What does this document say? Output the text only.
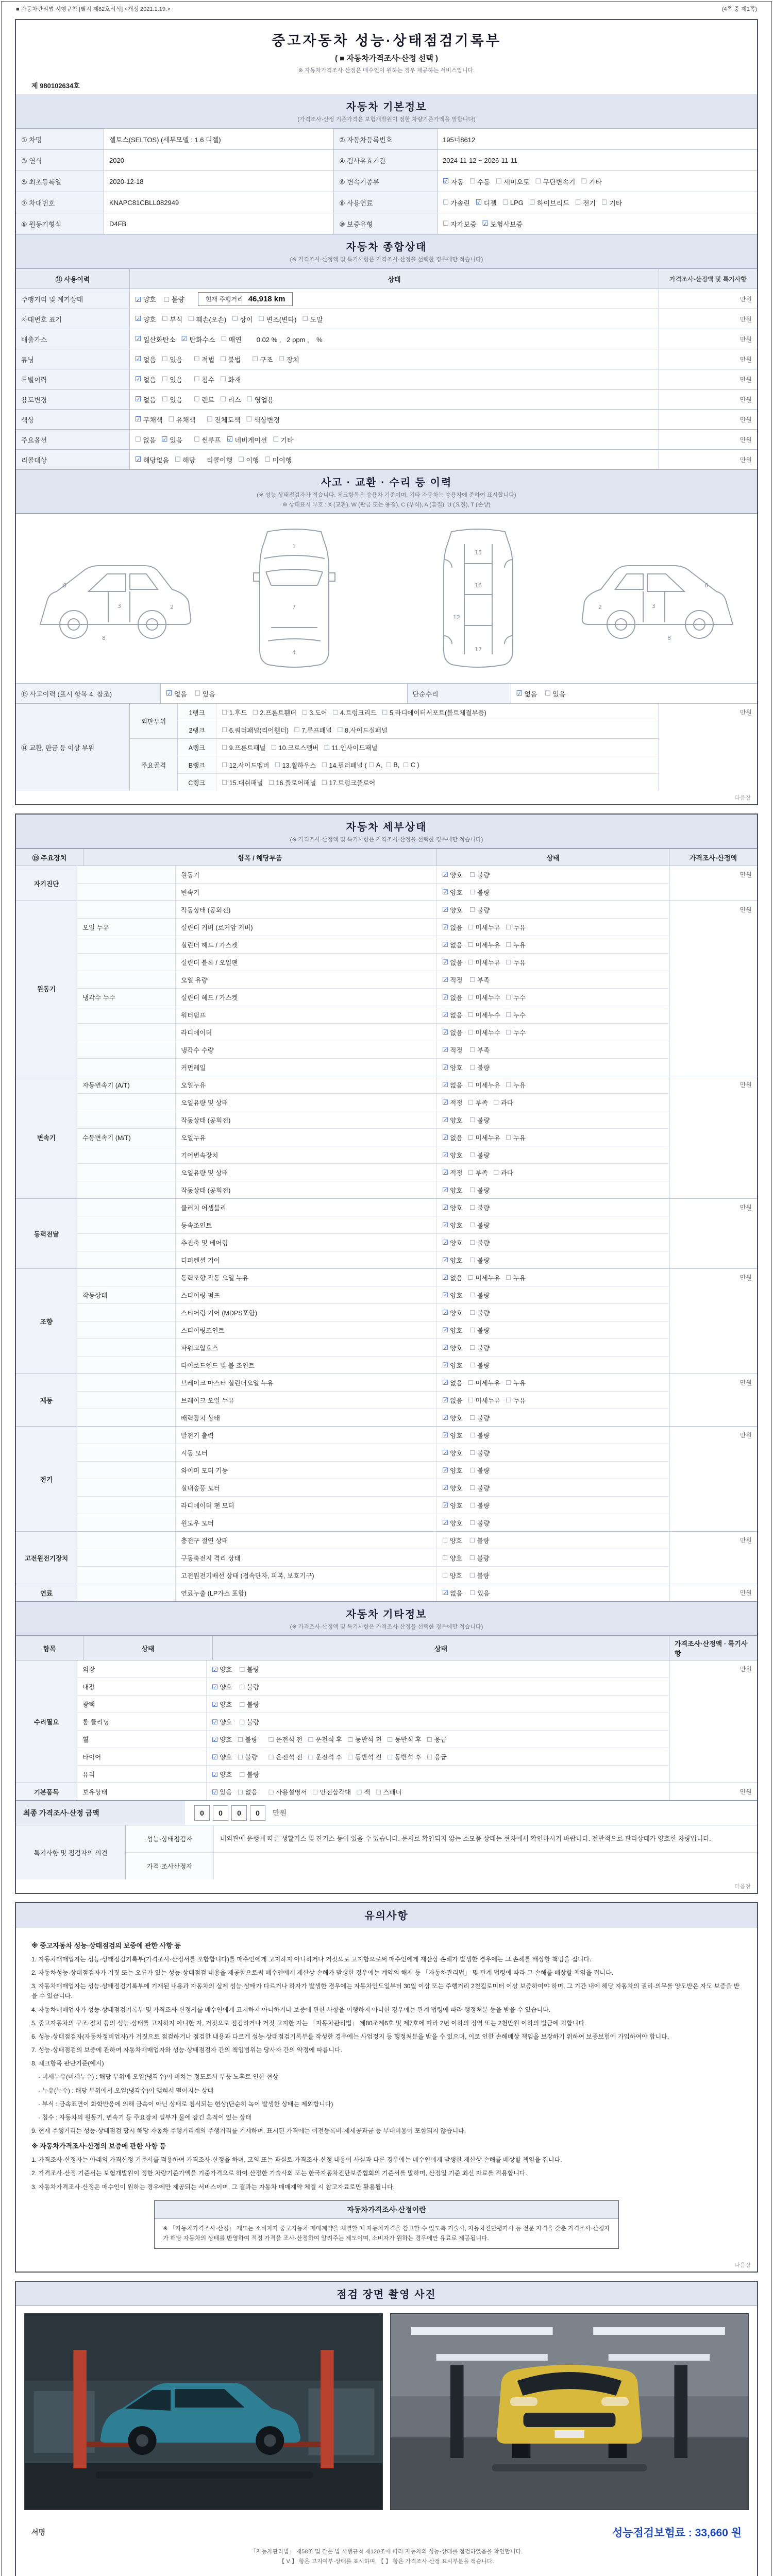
■ 자동차관리법 시행규칙 [별지 제82호서식] <개정 2021.1.19.>	(4쪽 중 제1쪽)
중고자동차 성능·상태점검기록부
( ■ 자동차가격조사·산정 선택 )
※ 자동차가격조사·산정은 매수인이 원하는 경우 제공하는 서비스입니다.
제 980102634호
자동차 기본정보
(가격조사·산정 기준가격은 보험개발원이 정한 차량기준가액을 말합니다)
① 차명	셀토스(SELTOS) (세부모델 : 1.6 디젤)	② 자동차등록번호	195너8612
③ 연식	2020	④ 검사유효기간	2024-11-12 ~ 2026-11-11
⑤ 최초등록일	2020-12-18	⑥ 변속기종류	☑ 자동 ☐ 수동 ☐ 세미오토 ☐ 무단변속기 ☐ 기타
⑦ 차대번호	KNAPC81CBLL082949	⑧ 사용연료	☐ 가솔린 ☑ 디젤 ☐ LPG ☐ 하이브리드 ☐ 전기 ☐ 기타
⑨ 원동기형식	D4FB	⑩ 보증유형	☐ 자가보증 ☑ 보험사보증
자동차 종합상태
(※ 가격조사·산정액 및 특기사항은 가격조사·산정을 선택한 경우에만 적습니다)
⑪ 사용이력	상태	가격조사·산정액 및 특기사항
주행거리 및 계기상태	☑ 양호    ☐ 불량	현재 주행거리 46,918 km	만원
차대번호 표기	☑ 양호 ☐ 부식 ☐ 훼손(오손) ☐ 상이 ☐ 변조(변타) ☐ 도말	만원
배출가스	☑ 일산화탄소 ☑ 탄화수소 ☐ 매연        0.02 % ,   2 ppm ,    %	만원
튜닝	☑ 없음 ☐ 있음 ☐ 적법 ☐ 불법 ☐ 구조 ☐ 장치	만원
특별이력	☑ 없음 ☐ 있음 ☐ 침수 ☐ 화재	만원
용도변경	☑ 없음 ☐ 있음 ☐ 렌트 ☐ 리스 ☐ 영업용	만원
색상	☑ 무채색 ☐ 유채색 ☐ 전체도색 ☐ 색상변경	만원
주요옵션	☐ 없음 ☑ 있음 ☐ 썬루프 ☑ 네비게이션 ☐ 기타	만원
리콜대상	☑ 해당없음 ☐ 해당      리콜이행 ☐ 이행 ☐ 미이행	만원
사고 · 교환 · 수리 등 이력
(※ 성능·상태점검자가 적습니다. 체크항목은 승용차 기준이며, 기타 자동차는 승용차에 준하여 표시합니다)
※ 상태표시 부호 : X (교환), W (판금 또는 용접), C (부식), A (흠집), U (요철), T (손상)
6
3	2
8
1
7
4
15
16
17
12
6
3
2
8
⑬ 사고이력 (표시 항목 4. 참조)	☑ 없음 ☐ 있음	단순수리	☑ 없음 ☐ 있음
⑭ 교환, 판금 등 이상 부위
외판부위
1랭크	☐ 1.후드 ☐ 2.프론트휀더 ☐ 3.도어 ☐ 4.트렁크리드 ☐ 5.라디에이터서포트(볼트체결부품)
2랭크	☐ 6.쿼터패널(리어휀더) ☐ 7.루프패널 ☐ 8.사이드실패널
주요골격
A랭크	☐ 9.프론트패널 ☐ 10.크로스멤버 ☐ 11.인사이드패널
B랭크	☐ 12.사이드멤버 ☐ 13.휠하우스 ☐ 14.필러패널 ( ☐ A, ☐ B, ☐ C )
C랭크	☐ 15.대쉬패널 ☐ 16.플로어패널 ☐ 17.트렁크플로어
만원
다음장
자동차 세부상태
(※ 가격조사·산정액 및 특기사항은 가격조사·산정을 선택한 경우에만 적습니다)
⑮ 주요장치	항목 / 해당부품	상태	가격조사·산정액
자기진단
원동기	☑ 양호 ☐ 불량
변속기	☑ 양호 ☐ 불량
만원
원동기
작동상태 (공회전)	☑ 양호 ☐ 불량
오일 누유	실린더 커버 (로커암 커버)	☑ 없음 ☐ 미세누유 ☐ 누유
실린더 헤드 / 가스켓	☑ 없음 ☐ 미세누유 ☐ 누유
실린더 블록 / 오일팬	☑ 없음 ☐ 미세누유 ☐ 누유
오일 유량	☑ 적정 ☐ 부족
냉각수 누수	실린더 헤드 / 가스켓	☑ 없음 ☐ 미세누수 ☐ 누수
워터펌프	☑ 없음 ☐ 미세누수 ☐ 누수
라디에이터	☑ 없음 ☐ 미세누수 ☐ 누수
냉각수 수량	☑ 적정 ☐ 부족
커먼레일	☑ 양호 ☐ 불량
만원
변속기
자동변속기 (A/T)	오일누유	☑ 없음 ☐ 미세누유 ☐ 누유
오일유량 및 상태	☑ 적정 ☐ 부족 ☐ 과다
작동상태 (공회전)	☑ 양호 ☐ 불량
수동변속기 (M/T)	오일누유	☑ 없음 ☐ 미세누유 ☐ 누유
기어변속장치	☑ 양호 ☐ 불량
오일유량 및 상태	☑ 적정 ☐ 부족 ☐ 과다
작동상태 (공회전)	☑ 양호 ☐ 불량
만원
동력전달
클러치 어셈블리	☑ 양호 ☐ 불량
등속조인트	☑ 양호 ☐ 불량
추진축 및 베어링	☑ 양호 ☐ 불량
디퍼렌셜 기어	☑ 양호 ☐ 불량
만원
조향
동력조향 작동 오일 누유	☑ 없음 ☐ 미세누유 ☐ 누유
작동상태	스티어링 펌프	☑ 양호 ☐ 불량
스티어링 기어 (MDPS포함)	☑ 양호 ☐ 불량
스티어링조인트	☑ 양호 ☐ 불량
파워고압호스	☑ 양호 ☐ 불량
타이로드엔드 및 볼 조인트	☑ 양호 ☐ 불량
만원
제동
브레이크 마스터 실린더오일 누유	☑ 없음 ☐ 미세누유 ☐ 누유
브레이크 오일 누유	☑ 없음 ☐ 미세누유 ☐ 누유
배력장치 상태	☑ 양호 ☐ 불량
만원
전기
발전기 출력	☑ 양호 ☐ 불량
시동 모터	☑ 양호 ☐ 불량
와이퍼 모터 기능	☑ 양호 ☐ 불량
실내송풍 모터	☑ 양호 ☐ 불량
라디에이터 팬 모터	☑ 양호 ☐ 불량
윈도우 모터	☑ 양호 ☐ 불량
만원
고전원전기장치
충전구 절연 상태	☐ 양호 ☐ 불량
구동축전지 격리 상태	☐ 양호 ☐ 불량
고전원전기배선 상태 (접속단자, 피복, 보호기구)	☐ 양호 ☐ 불량
만원
연료	연료누출 (LP가스 포함)	☑ 없음 ☐ 있음	만원
자동차 기타정보
(※ 가격조사·산정액 및 특기사항은 가격조사·산정을 선택한 경우에만 적습니다)
항목	상태	상태
가격조사·산정액 · 특기사항
수리필요
외장	☑ 양호    ☐ 불량
내장	☑ 양호    ☐ 불량
광택	☑ 양호    ☐ 불량
룸 클리닝	☑ 양호    ☐ 불량
휠	☑ 양호   ☐ 불량      ☐ 운전석 전   ☐ 운전석 후   ☐ 동반석 전   ☐ 동반석 후   ☐ 응급
타이어	☑ 양호   ☐ 불량      ☐ 운전석 전   ☐ 운전석 후   ☐ 동반석 전   ☐ 동반석 후   ☐ 응급
유리	☑ 양호    ☐ 불량
만원
기본품목	보유상태	☑ 있음   ☐ 없음      ☐ 사용설명서   ☐ 안전삼각대   ☐ 잭   ☐ 스패너	만원
최종 가격조사·산정 금액	0	0	0	0	만원
특기사항 및 점검자의 의견
성능·상태점검자	내외관에 운행에 따른 생활기스 및 잔기스 등이 있을 수 있습니다. 문서로 확인되지 않는 소모품 상태는 현차에서 확인하시기 바랍니다. 전반적으로 관리상태가 양호한 차량입니다.
가격·조사산정자
다음장
유의사항
※ 중고자동차 성능·상태점검의 보증에 관한 사항 등

1. 자동차매매업자는 성능·상태점검기록부(가격조사·산정서를 포함합니다)를 매수인에게 고지하지 아니하거나 거짓으로 고지함으로써 매수인에게 재산상 손해가 발생한 경우에는 그 손해를 배상할 책임을 집니다.

2. 자동차성능·상태점검자가 거짓 또는 오류가 있는 성능·상태점검 내용을 제공함으로써 매수인에게 재산상 손해가 발생한 경우에는 계약의 해제 등 「자동차관리법」 및 관계 법령에 따라 그 손해를 배상할 책임을 집니다.

3. 자동차매매업자는 성능·상태점검기록부에 기재된 내용과 자동차의 실제 성능·상태가 다르거나 하자가 발생한 경우에는 자동차인도일부터 30일 이상 또는 주행거리 2천킬로미터 이상 보증하여야 하며, 그 기간 내에 해당 자동차의 권리·의무를 양도받은 자도 보증을 받을 수 있습니다.

4. 자동차매매업자가 성능·상태점검기록부 및 가격조사·산정서를 매수인에게 고지하지 아니하거나 보증에 관한 사항을 이행하지 아니한 경우에는 관계 법령에 따라 행정처분 등을 받을 수 있습니다.

5. 중고자동차의 구조·장치 등의 성능·상태를 고지하지 아니한 자, 거짓으로 점검하거나 거짓 고지한 자는 「자동차관리법」 제80조제6호 및 제7호에 따라 2년 이하의 징역 또는 2천만원 이하의 벌금에 처합니다.

6. 성능·상태점검자(자동차정비업자)가 거짓으로 점검하거나 점검한 내용과 다르게 성능·상태점검기록부를 작성한 경우에는 사업정지 등 행정처분을 받을 수 있으며, 이로 인한 손해배상 책임을 보장하기 위하여 보증보험에 가입하여야 합니다.

7. 성능·상태점검의 보증에 관하여 자동차매매업자와 성능·상태점검자 간의 책임범위는 당사자 간의 약정에 따릅니다.

8. 체크항목 판단기준(예시)

- 미세누유(미세누수) : 해당 부위에 오일(냉각수)이 비치는 정도로서 부품 노후로 인한 현상

- 누유(누수) : 해당 부위에서 오일(냉각수)이 맺혀서 떨어지는 상태

- 부식 : 금속표면이 화학반응에 의해 금속이 아닌 상태로 침식되는 현상(단순히 녹이 발생한 상태는 제외합니다)

- 침수 : 자동차의 원동기, 변속기 등 주요장치 일부가 물에 잠긴 흔적이 있는 상태

9. 현재 주행거리는 성능·상태점검 당시 해당 자동차 주행거리계의 주행거리를 기재하며, 표시된 가격에는 이전등록비·제세공과금 등 부대비용이 포함되지 않습니다.

※ 자동차가격조사·산정의 보증에 관한 사항 등

1. 가격조사·산정자는 아래의 가격산정 기준서를 적용하여 가격조사·산정을 하며, 고의 또는 과실로 가격조사·산정 내용이 사실과 다른 경우에는 매수인에게 발생한 재산상 손해를 배상할 책임을 집니다.

2. 가격조사·산정 기준서는 보험개발원이 정한 차량기준가액을 기준가격으로 하여 산정한 기술사회 또는 한국자동차진단보증협회의 기준서를 말하며, 산정일 기준 최신 자료를 적용합니다.

3. 자동차가격조사·산정은 매수인이 원하는 경우에만 제공되는 서비스이며, 그 결과는 자동차 매매계약 체결 시 참고자료로만 활용됩니다.

자동차가격조사·산정이란
※ 「자동차가격조사·산정」 제도는 소비자가 중고자동차 매매계약을 체결할 때 자동차가격을 참고할 수 있도록 기술사, 자동차진단평가사 등 전문 자격을 갖춘 가격조사·산정자가 해당 자동차의 상태를 반영하여 적정 가격을 조사·산정하여 알려주는 제도이며, 소비자가 원하는 경우에만 유료로 제공됩니다.
다음장
점검 장면 촬영 사진
서명	성능점검보험료 : 33,660 원
「자동차관리법」 제58조 및 같은 법 시행규칙 제120조에 따라 자동차의 성능·상태를 점검하였음을 확인합니다.
【 V 】 항은 고지여부·상태를 표시하며, 【 】 항은 가격조사·산정 표시부분을 적습니다.
